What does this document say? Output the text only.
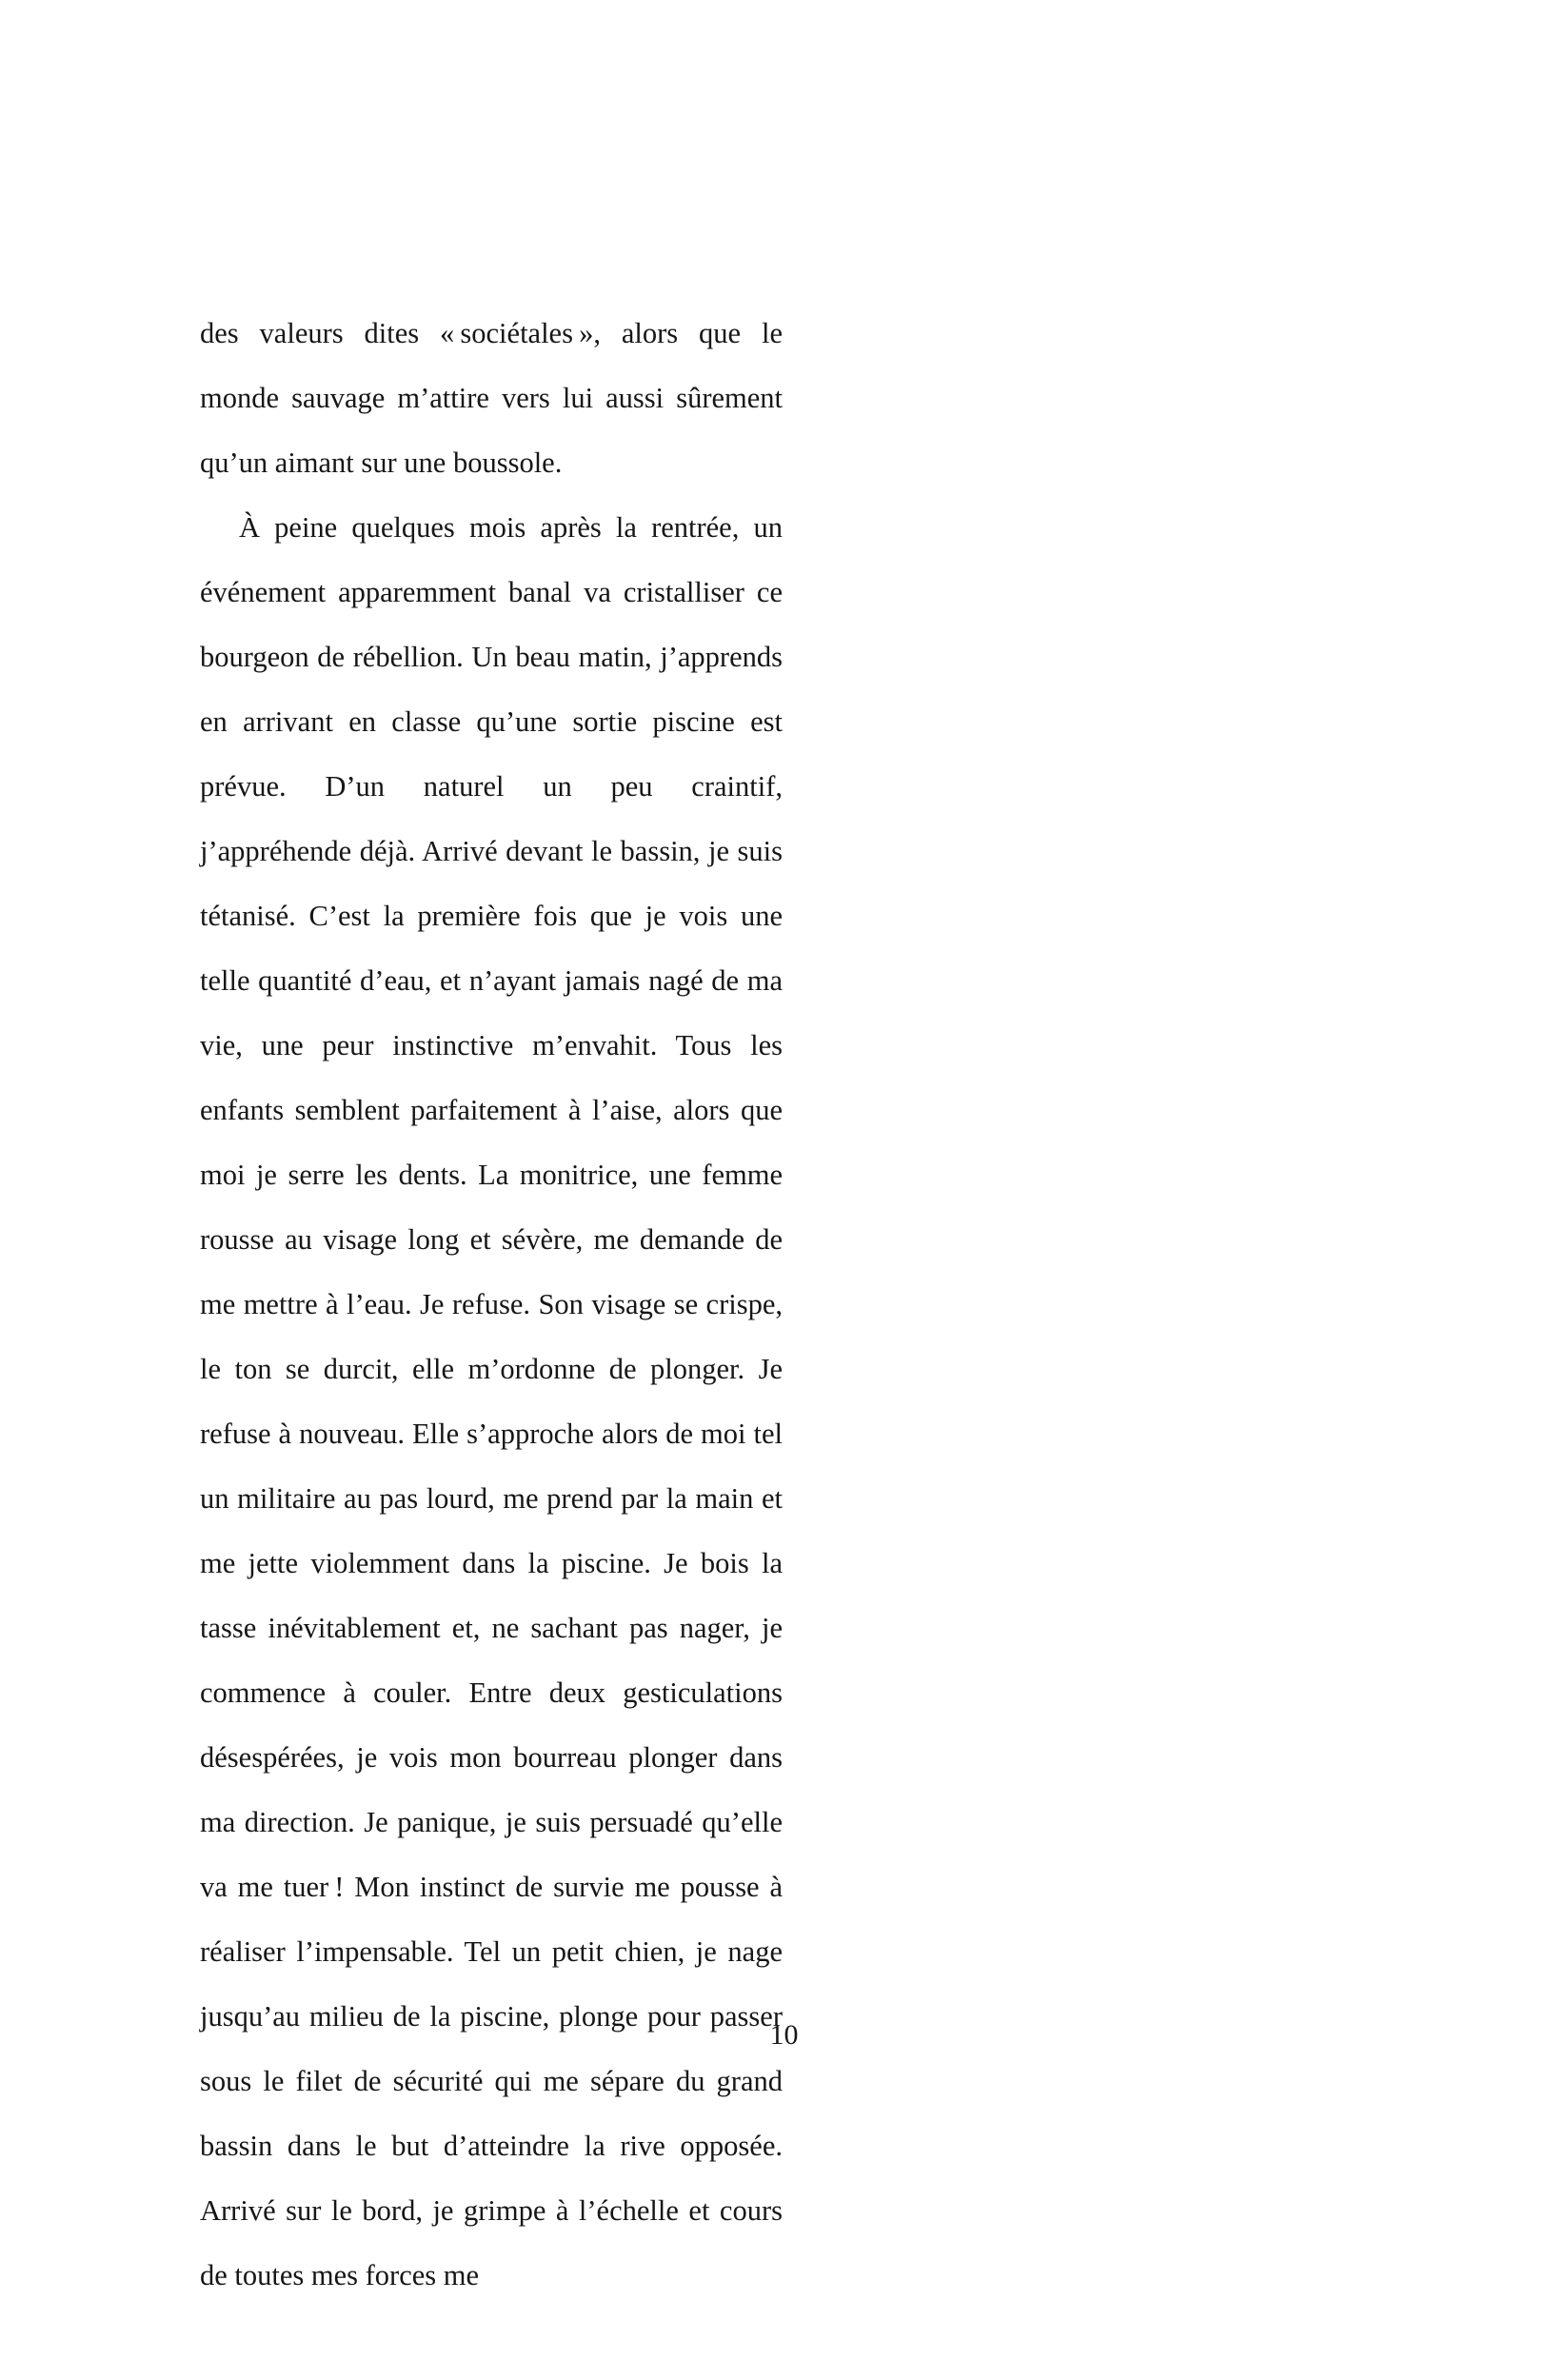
des valeurs dites « sociétales », alors que le monde sauvage m’attire vers lui aussi sûrement qu’un aimant sur une boussole.

À peine quelques mois après la rentrée, un événement apparemment banal va cristalliser ce bourgeon de rébellion. Un beau matin, j’apprends en arrivant en classe qu’une sortie piscine est prévue. D’un naturel un peu craintif, j’appréhende déjà. Arrivé devant le bassin, je suis tétanisé. C’est la première fois que je vois une telle quantité d’eau, et n’ayant jamais nagé de ma vie, une peur instinctive m’envahit. Tous les enfants semblent parfaitement à l’aise, alors que moi je serre les dents. La monitrice, une femme rousse au visage long et sévère, me demande de me mettre à l’eau. Je refuse. Son visage se crispe, le ton se durcit, elle m’ordonne de plonger. Je refuse à nouveau. Elle s’approche alors de moi tel un militaire au pas lourd, me prend par la main et me jette violemment dans la piscine. Je bois la tasse inévitablement et, ne sachant pas nager, je commence à couler. Entre deux gesticulations désespérées, je vois mon bourreau plonger dans ma direction. Je panique, je suis persuadé qu’elle va me tuer ! Mon instinct de survie me pousse à réaliser l’impensable. Tel un petit chien, je nage jusqu’au milieu de la piscine, plonge pour passer sous le filet de sécurité qui me sépare du grand bassin dans le but d’atteindre la rive opposée. Arrivé sur le bord, je grimpe à l’échelle et cours de toutes mes forces me

10
